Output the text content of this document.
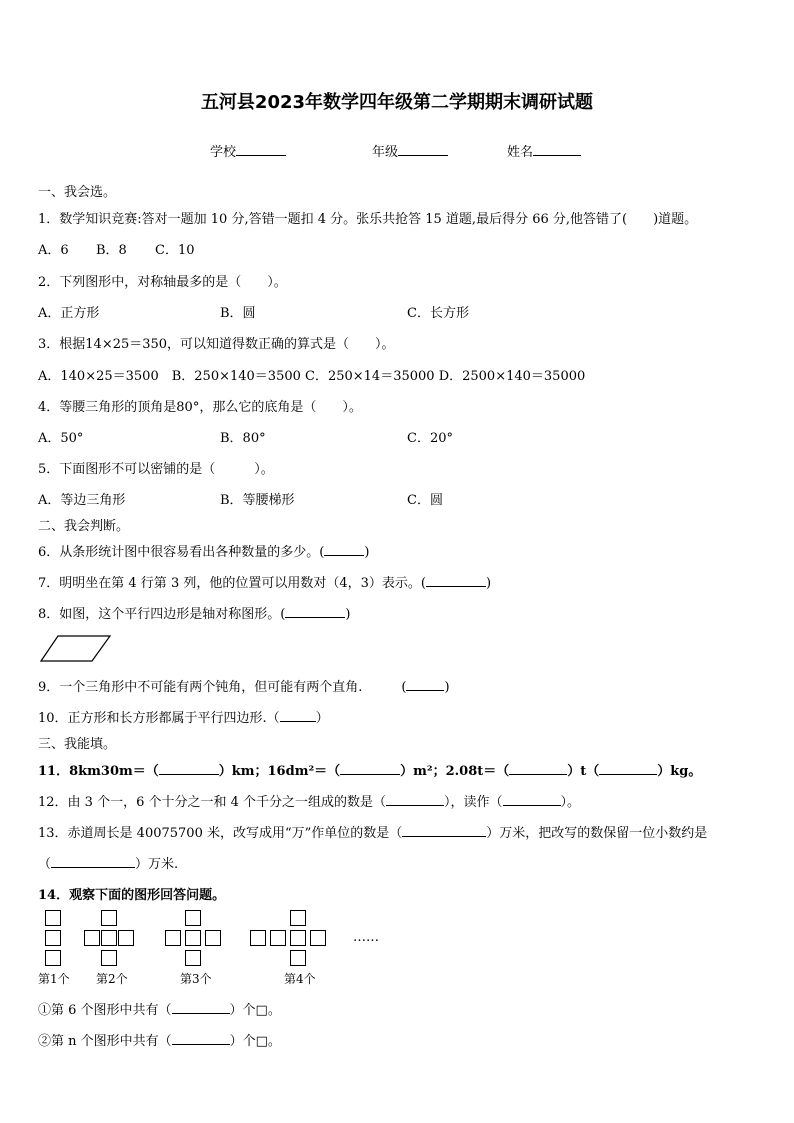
五河县2023年数学四年级第二学期期末调研试题
学校	年级	姓名
一、我会选。
1．数学知识竞赛:答对一题加 10 分,答错一题扣 4 分。张乐共抢答 15 道题,最后得分 66 分,他答错了(　　)道题。
A．6 B．8 C．10
2．下列图形中，对称轴最多的是（　　）。
A．正方形	B．圆	C．长方形
3．根据14×25＝350，可以知道得数正确的算式是（　　）。
A．140×25＝3500　B．250×140＝3500 C．250×14＝35000 D．2500×140＝35000
4．等腰三角形的顶角是80°，那么它的底角是（　　）。
A．50°	B．80°	C．20°
5．下面图形不可以密铺的是（　　　）。
A．等边三角形	B．等腰梯形	C．圆
二、我会判断。
6．从条形统计图中很容易看出各种数量的多少。(	)
7．明明坐在第 4 行第 3 列，他的位置可以用数对（4，3）表示。(	)
8．如图，这个平行四边形是轴对称图形。(	)
9．一个三角形中不可能有两个钝角，但可能有两个直角.　　　(	)
10．正方形和长方形都属于平行四边形.（	）
三、我能填。
11．8km30m＝（	）km；16dm²＝（	）m²；2.08t＝（	）t（	）kg。
12．由 3 个一，6 个十分之一和 4 个千分之一组成的数是（	），读作（	）。
13．赤道周长是 40075700 米，改写成用“万”作单位的数是（	）万米，把改写的数保留一位小数约是
（	）万米.
14．观察下面的图形回答问题。
……
第1个 第2个	第3个	第4个
①第 6 个图形中共有（	）个□。
②第 n 个图形中共有（	）个□。
